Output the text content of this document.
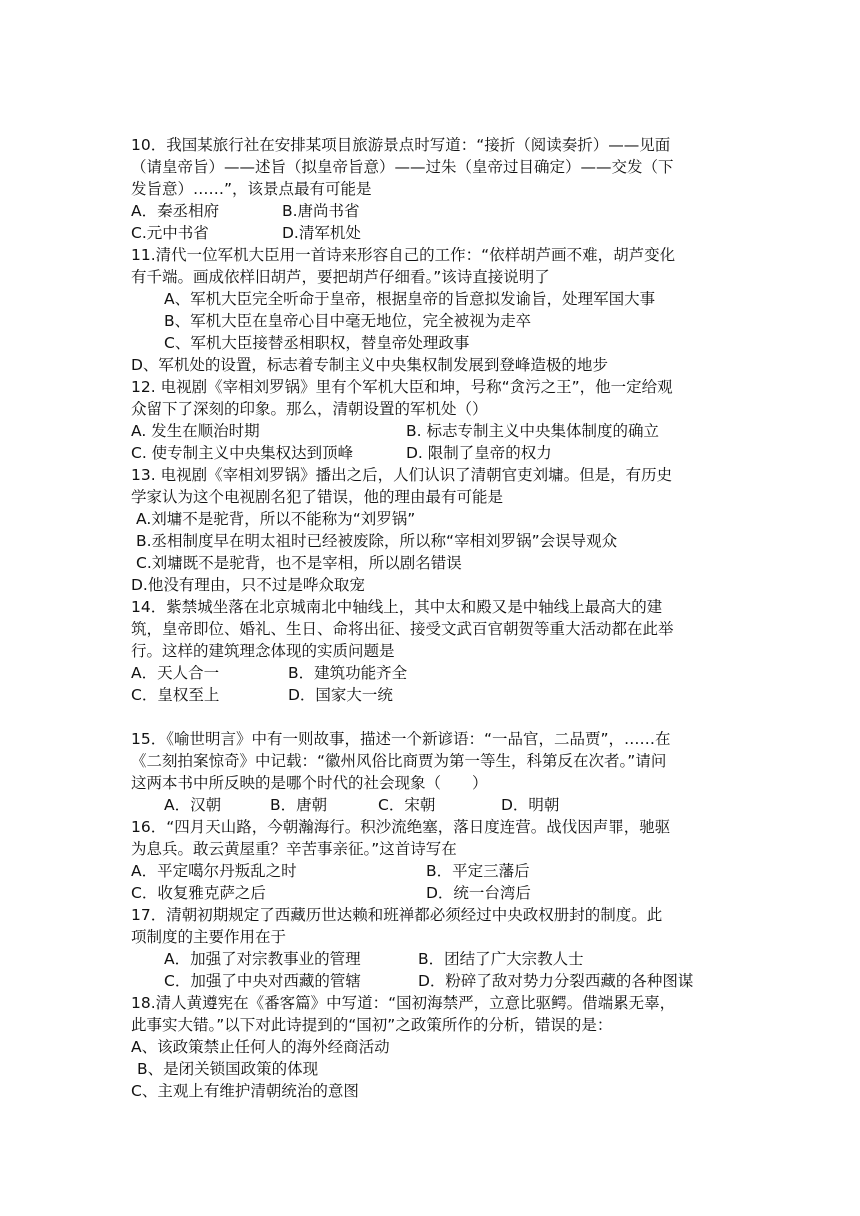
10．我国某旅行社在安排某项目旅游景点时写道：“接折（阅读奏折）——见面
（请皇帝旨）——述旨（拟皇帝旨意）——过朱（皇帝过目确定）——交发（下
发旨意）……”，该景点最有可能是
A．秦丞相府	B.唐尚书省
C.元中书省	D.清军机处
11.清代一位军机大臣用一首诗来形容自己的工作：“依样胡芦画不难，胡芦变化
有千端。画成依样旧胡芦，要把胡芦仔细看。”该诗直接说明了
A、军机大臣完全听命于皇帝，根据皇帝的旨意拟发谕旨，处理军国大事
B、军机大臣在皇帝心目中毫无地位，完全被视为走卒
C、军机大臣接替丞相职权，替皇帝处理政事
D、军机处的设置，标志着专制主义中央集权制发展到登峰造极的地步
12. 电视剧《宰相刘罗锅》里有个军机大臣和坤，号称“贪污之王”，他一定给观
众留下了深刻的印象。那么，清朝设置的军机处（）
A. 发生在顺治时期	B. 标志专制主义中央集体制度的确立
C. 使专制主义中央集权达到顶峰	D. 限制了皇帝的权力
13. 电视剧《宰相刘罗锅》播出之后，人们认识了清朝官吏刘墉。但是，有历史
学家认为这个电视剧名犯了错误，他的理由最有可能是
A.刘墉不是驼背，所以不能称为“刘罗锅”
B.丞相制度早在明太祖时已经被废除，所以称“宰相刘罗锅”会误导观众
C.刘墉既不是驼背，也不是宰相，所以剧名错误
D.他没有理由，只不过是哗众取宠
14．紫禁城坐落在北京城南北中轴线上，其中太和殿又是中轴线上最高大的建
筑，皇帝即位、婚礼、生日、命将出征、接受文武百官朝贺等重大活动都在此举
行。这样的建筑理念体现的实质问题是
A．天人合一	B．建筑功能齐全
C．皇权至上	D．国家大一统
15．《喻世明言》中有一则故事，描述一个新谚语：“一品官，二品贾”，……在
《二刻拍案惊奇》中记载：“徽州风俗比商贾为第一等生，科第反在次者。”请问
这两本书中所反映的是哪个时代的社会现象（　　）
A．汉朝	B．唐朝	C．宋朝	D．明朝
16．“四月天山路，今朝瀚海行。积沙流绝塞，落日度连营。战伐因声罪，驰驱
为息兵。敢云黄屋重？辛苦事亲征。”这首诗写在
A．平定噶尔丹叛乱之时	B．平定三藩后
C．收复雅克萨之后	D．统一台湾后
17．清朝初期规定了西藏历世达赖和班禅都必须经过中央政权册封的制度。此
项制度的主要作用在于
A．加强了对宗教事业的管理	B．团结了广大宗教人士
C．加强了中央对西藏的管辖	D．粉碎了敌对势力分裂西藏的各种图谋
18.清人黄遵宪在《番客篇》中写道：“国初海禁严，立意比驱鳄。借端累无辜，
此事实大错。”以下对此诗提到的“国初”之政策所作的分析，错误的是：
A、该政策禁止任何人的海外经商活动
B、是闭关锁国政策的体现
C、主观上有维护清朝统治的意图
